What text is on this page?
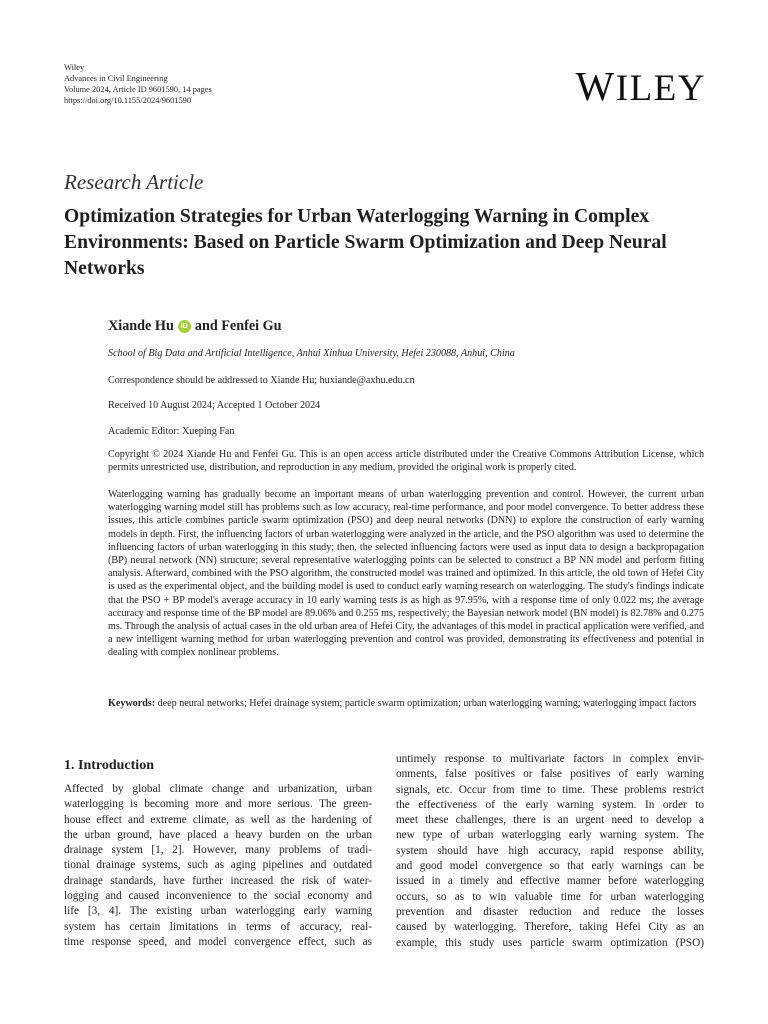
Wiley
Advances in Civil Engineering
Volume 2024, Article ID 9601590, 14 pages
https://doi.org/10.1155/2024/9601590	WILEY
Research Article
Optimization Strategies for Urban Waterlogging Warning in Complex Environments: Based on Particle Swarm Optimization and Deep Neural Networks
Xiande Hu	iD and Fenfei Gu
School of Big Data and Artificial Intelligence, Anhui Xinhua University, Hefei 230088, Anhui, China
Correspondence should be addressed to Xiande Hu; huxiande@axhu.edu.cn
Received 10 August 2024; Accepted 1 October 2024
Academic Editor: Xueping Fan
Copyright © 2024 Xiande Hu and Fenfei Gu. This is an open access article distributed under the Creative Commons Attribution License, which permits unrestricted use, distribution, and reproduction in any medium, provided the original work is properly cited.
Waterlogging warning has gradually become an important means of urban waterlogging prevention and control. However, the current urban waterlogging warning model still has problems such as low accuracy, real-time performance, and poor model convergence. To better address these issues, this article combines particle swarm optimization (PSO) and deep neural networks (DNN) to explore the construction of early warning models in depth. First, the influencing factors of urban waterlogging were analyzed in the article, and the PSO algorithm was used to determine the influencing factors of urban waterlogging in this study; then, the selected influencing factors were used as input data to design a backpropagation (BP) neural network (NN) structure; several representative waterlogging points can be selected to construct a BP NN model and perform fitting analysis. Afterward, combined with the PSO algorithm, the constructed model was trained and optimized. In this article, the old town of Hefei City is used as the experimental object, and the building model is used to conduct early warning research on waterlogging. The study's findings indicate that the PSO + BP model's average accuracy in 10 early warning tests is as high as 97.95%, with a response time of only 0.022 ms; the average accuracy and response time of the BP model are 89.06% and 0.255 ms, respectively; the Bayesian network model (BN model) is 82.78% and 0.275 ms. Through the analysis of actual cases in the old urban area of Hefei City, the advantages of this model in practical application were verified, and a new intelligent warning method for urban waterlogging prevention and control was provided, demonstrating its effectiveness and potential in dealing with complex nonlinear problems.
Keywords: deep neural networks; Hefei drainage system; particle swarm optimization; urban waterlogging warning; waterlogging impact factors
1. Introduction
Affected by global climate change and urbanization, urban
waterlogging is becoming more and more serious. The green-
house effect and extreme climate, as well as the hardening of
the urban ground, have placed a heavy burden on the urban
drainage system [1, 2]. However, many problems of tradi-
tional drainage systems, such as aging pipelines and outdated
drainage standards, have further increased the risk of water-
logging and caused inconvenience to the social economy and
life [3, 4]. The existing urban waterlogging early warning
system has certain limitations in terms of accuracy, real-
time response speed, and model convergence effect, such as
untimely response to multivariate factors in complex envir-
onments, false positives or false positives of early warning
signals, etc. Occur from time to time. These problems restrict
the effectiveness of the early warning system. In order to
meet these challenges, there is an urgent need to develop a
new type of urban waterlogging early warning system. The
system should have high accuracy, rapid response ability,
and good model convergence so that early warnings can be
issued in a timely and effective manner before waterlogging
occurs, so as to win valuable time for urban waterlogging
prevention and disaster reduction and reduce the losses
caused by waterlogging. Therefore, taking Hefei City as an
example, this study uses particle swarm optimization (PSO)
